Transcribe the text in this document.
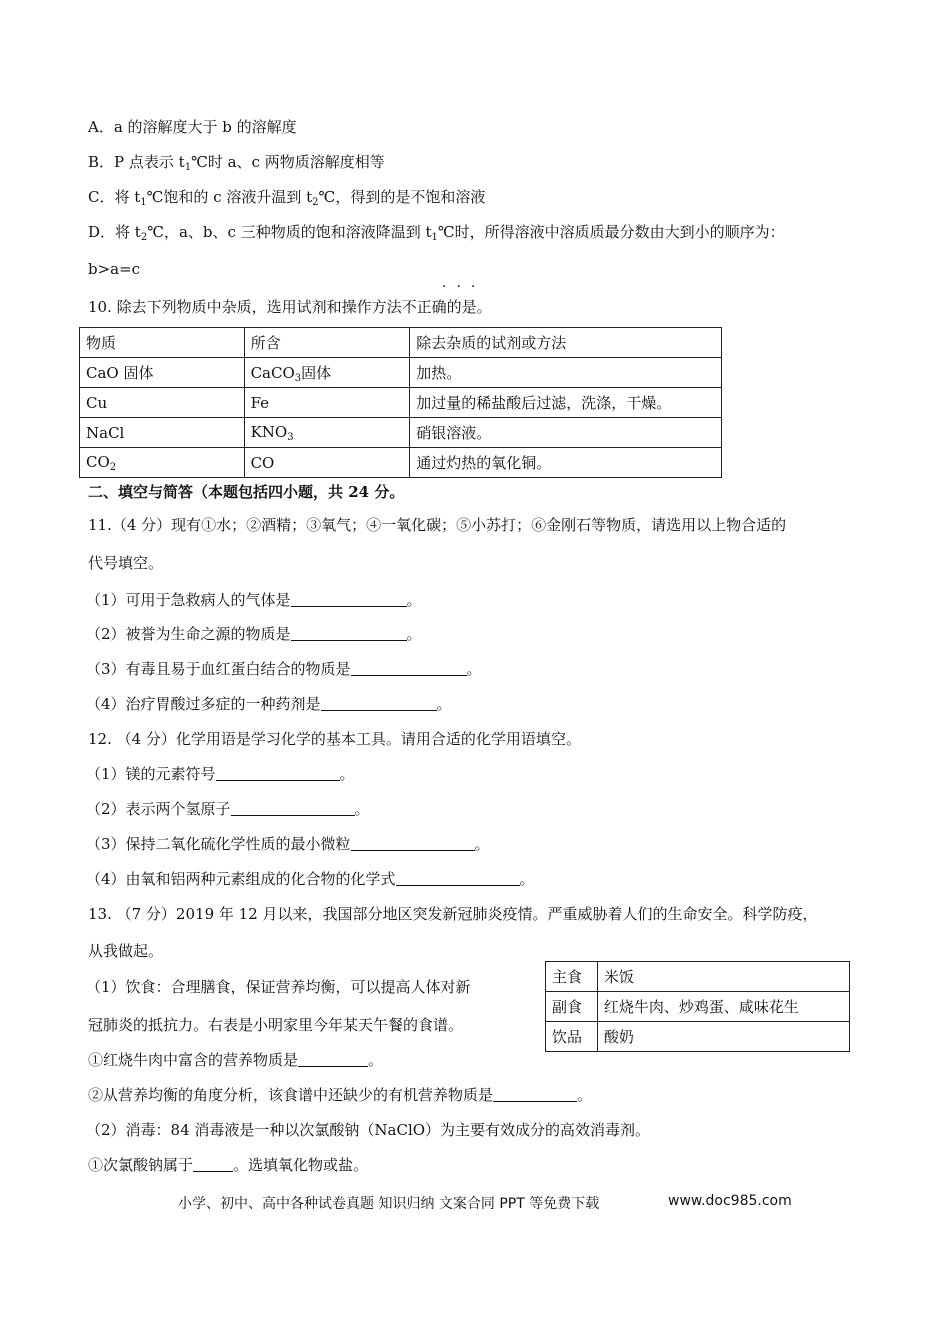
A．a 的溶解度大于 b 的溶解度
B．P 点表示 $t_1℃$时 a、c 两物质溶解度相等
C．将 $t_1℃$饱和的 c 溶液升温到 $t_2℃$，得到的是不饱和溶液
D．将 $t_2℃$，a、b、c 三种物质的饱和溶液降温到 $t_1℃$时，所得溶液中溶质质最分数由大到小的顺序为：
b>a=c
···
10. 除去下列物质中杂质，选用试剂和操作方法不正确的是。
物质	所含	除去杂质的试剂或方法
CaO 固体	CaCO$_3$固体	加热。
Cu	Fe	加过量的稀盐酸后过滤，洗涤，干燥。
NaCl	$KNO_3$	硝银溶液。
$CO_2$	CO	通过灼热的氧化铜。
二、填空与简答（本题包括四小题，共 24 分。
11.（4 分）现有①水；②酒精；③氧气；④一氧化碳；⑤小苏打；⑥金刚石等物质，请选用以上物合适的
代号填空。
（1）可用于急救病人的气体是	。
（2）被誉为生命之源的物质是	。
（3）有毒且易于血红蛋白结合的物质是	。
（4）治疗胃酸过多症的一种药剂是	。
12. （4 分）化学用语是学习化学的基本工具。请用合适的化学用语填空。
（1）镁的元素符号	。
（2）表示两个氢原子	。
（3）保持二氧化硫化学性质的最小微粒	。
（4）由氧和铝两种元素组成的化合物的化学式	。
13. （7 分）2019 年 12 月以来，我国部分地区突发新冠肺炎疫情。严重威胁着人们的生命安全。科学防疫，
从我做起。
（1）饮食：合理膳食，保证营养均衡，可以提高人体对新
冠肺炎的抵抗力。右表是小明家里今年某天午餐的食谱。
主食	米饭
副食	红烧牛肉、炒鸡蛋、咸味花生
饮品	酸奶
①红烧牛肉中富含的营养物质是	。
②从营养均衡的角度分析，该食谱中还缺少的有机营养物质是	。
（2）消毒：84 消毒液是一种以次氯酸钠（NaClO）为主要有效成分的高效消毒剂。
①次氯酸钠属于	。选填氧化物或盐。
小学、初中、高中各种试卷真题 知识归纳 文案合同 PPT 等免费下载	www.doc985.com
